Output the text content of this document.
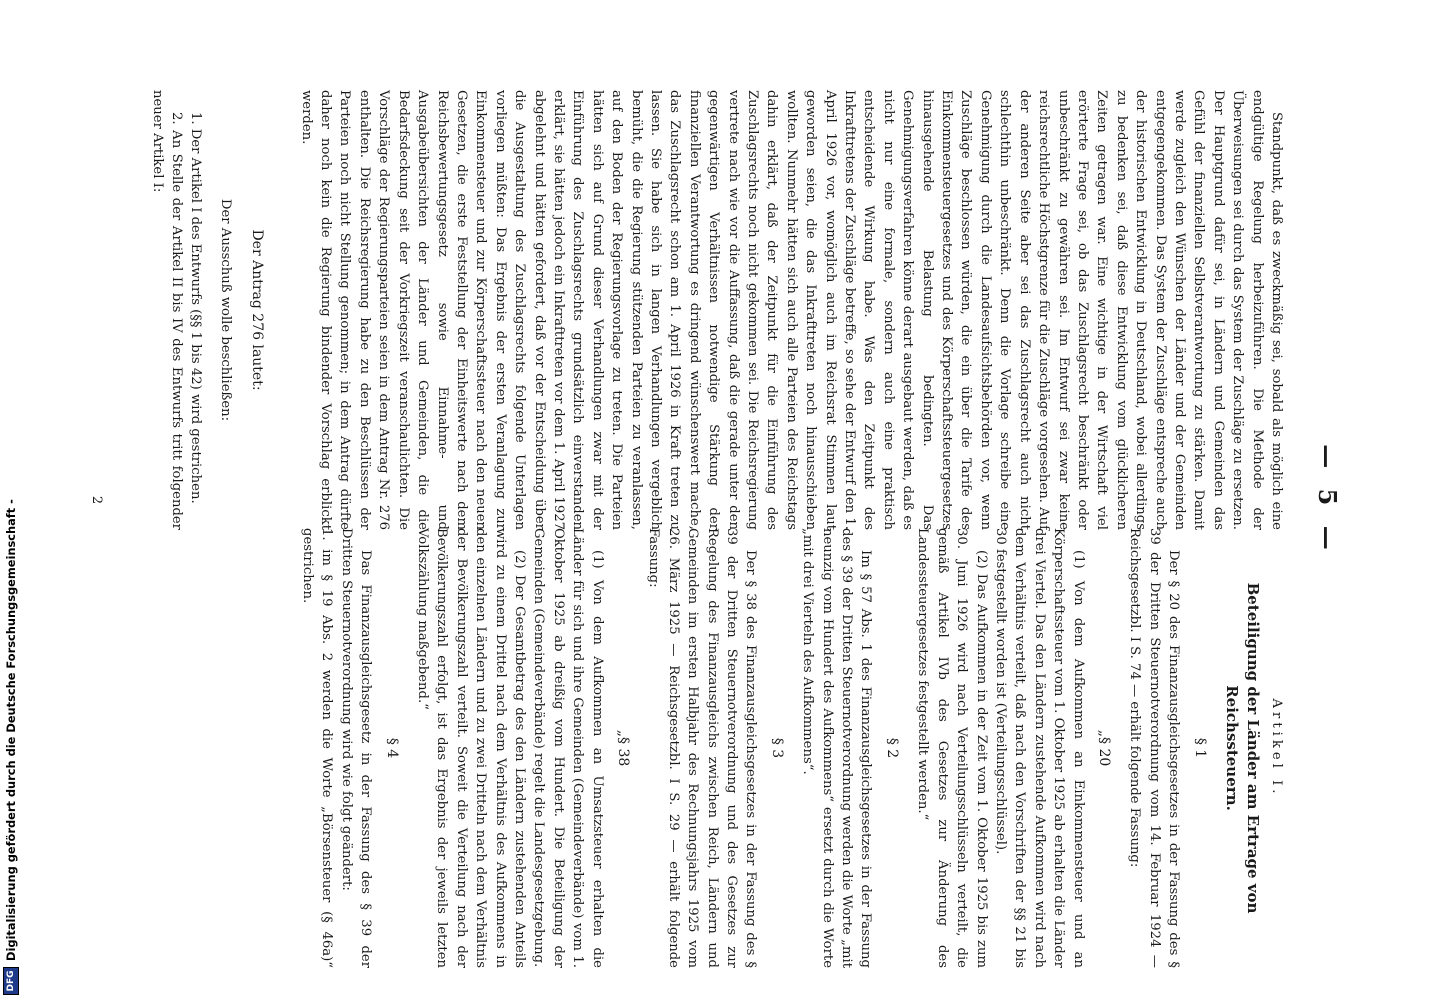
— 5 —

Standpunkt, daß es zweckmäßig sei, sobald als möglich eine endgültige Regelung herbeizuführen. Die Methode der Überweisungen sei durch das System der Zuschläge zu ersetzen. Der Hauptgrund dafür sei, in Ländern und Gemeinden das Gefühl der finanziellen Selbstverantwortung zu stärken. Damit werde zugleich den Wünschen der Länder und der Gemeinden entgegengekommen. Das System der Zuschläge entspreche auch der historischen Entwicklung in Deutschland, wobei allerdings zu bedenken sei, daß diese Entwicklung vom glücklicheren Zeiten getragen war. Eine wichtige in der Wirtschaft viel erörterte Frage sei, ob das Zuschlagsrecht beschränkt oder unbeschränkt zu gewähren sei. Im Entwurf sei zwar keine reichsrechtliche Höchstgrenze für die Zuschläge vorgesehen. Auf der anderen Seite aber sei das Zuschlagsrecht auch nicht schlechthin unbeschränkt. Denn die Vorlage schreibe eine Genehmigung durch die Landesaufsichtsbehörden vor, wenn Zuschläge beschlossen würden, die ein über die Tarife des Einkommensteuergesetzes und des Körperschaftssteuergesetzes hinausgehende Belastung bedingten. Das Genehmigungsverfahren könne derart ausgebaut werden, daß es nicht nur eine formale, sondern auch eine praktisch entscheidende Wirkung habe. Was den Zeitpunkt des Inkrafttretens der Zuschläge betreffe, so sehe der Entwurf den 1. April 1926 vor, womöglich auch im Reichsrat Stimmen laut geworden seien, die das Inkrafttreten noch hinausschieben wollten. Nunmehr hätten sich auch alle Parteien des Reichstags dahin erklärt, daß der Zeitpunkt für die Einführung des Zuschlagsrechts noch nicht gekommen sei. Die Reichsregierung vertrete nach wie vor die Auffassung, daß die gerade unter den gegenwärtigen Verhältnissen notwendige Stärkung der finanziellen Verantwortung es dringend wünschenswert mache, das Zuschlagsrecht schon am 1. April 1926 in Kraft treten zu lassen. Sie habe sich in langen Verhandlungen vergeblich bemüht, die die Regierung stützenden Parteien zu veranlassen, auf den Boden der Regierungsvorlage zu treten. Die Parteien hätten sich auf Grund dieser Verhandlungen zwar mit der Einführung des Zuschlagsrechts grundsätzlich einverstanden erklärt, sie hätten jedoch ein Inkrafttreten vor dem 1. April 1927 abgelehnt und hätten gefordert, daß vor der Entscheidung über die Ausgestaltung des Zuschlagsrechts folgende Unterlagen vorliegen müßten: Das Ergebnis der ersten Veranlagung zur Einkommensteuer und zur Körperschaftssteuer nach den neuen Gesetzen, die erste Feststellung der Einheitswerte nach dem Reichsbewertungsgesetz sowie Einnahme- und Ausgabeübersichten der Länder und Gemeinden, die die Bedarfsdeckung seit der Vorkriegszeit veranschaulichten. Die Vorschläge der Regierungsparteien seien in dem Antrag Nr. 276 enthalten. Die Reichsregierung habe zu den Beschlüssen der Parteien noch nicht Stellung genommen; in dem Antrag dürfte daher noch kein die Regierung bindender Vorschlag erblickt werden.

Der Antrag 276 lautet:

Der Ausschuß wolle beschließen:

1. Der Artikel I des Entwurfs (§§ 1 bis 42) wird gestrichen.

2. An Stelle der Artikel II bis IV des Entwurfs tritt folgender neuer Artikel I:

Artikel I.

Beteiligung der Länder am Ertrage von Reichssteuern.

§ 1

Der § 20 des Finanzausgleichsgesetzes in der Fassung des § 39 der Dritten Steuernotverordnung vom 14. Februar 1924 — Reichsgesetzbl. I S. 74 — erhält folgende Fassung:

„§ 20

(1) Von dem Aufkommen an Einkommensteuer und an Körperschaftssteuer vom 1. Oktober 1925 ab erhalten die Länder drei Viertel. Das den Ländern zustehende Aufkommen wird nach dem Verhältnis verteilt, daß nach den Vorschriften der §§ 21 bis 30 festgestellt worden ist (Verteilungsschlüssel).

(2) Das Aufkommen in der Zeit vom 1. Oktober 1925 bis zum 30. Juni 1926 wird nach Verteilungsschlüsseln verteilt, die gemäß Artikel IVb des Gesetzes zur Änderung des Landessteuergesetzes festgestellt werden.“

§ 2

Im § 57 Abs. 1 des Finanzausgleichsgesetzes in der Fassung des § 39 der Dritten Steuernotverordnung werden die Worte „mit neunzig vom Hundert des Aufkommens“ ersetzt durch die Worte „mit drei Vierteln des Aufkommens“.

§ 3

Der § 38 des Finanzausgleichsgesetzes in der Fassung des § 39 der Dritten Steuernotverordnung und des Gesetzes zur Regelung des Finanzausgleichs zwischen Reich, Ländern und Gemeinden im ersten Halbjahr des Rechnungsjahrs 1925 vom 26. März 1925 — Reichsgesetzbl. I S. 29 — erhält folgende Fassung:

„§ 38

(1) Von dem Aufkommen an Umsatzsteuer erhalten die Länder für sich und ihre Gemeinden (Gemeindeverbände) vom 1. Oktober 1925 ab dreißig vom Hundert. Die Beteiligung der Gemeinden (Gemeindeverbände) regelt die Landesgesetzgebung.

(2) Der Gesamtbetrag des den Ländern zustehenden Anteils wird zu einem Drittel nach dem Verhältnis des Aufkommens in den einzelnen Ländern und zu zwei Dritteln nach dem Verhältnis der Bevölkerungszahl verteilt. Soweit die Verteilung nach der Bevölkerungszahl erfolgt, ist das Ergebnis der jeweils letzten Volkszählung maßgebend.“

§ 4

Das Finanzausgleichsgesetz in der Fassung des § 39 der Dritten Steuernotverordnung wird wie folgt geändert:

1. im § 19 Abs. 2 werden die Worte „Börsensteuer (§ 46a)“ gestrichen.

2
DFG
Digitalisierung gefördert durch die Deutsche Forschungsgemeinschaft -
